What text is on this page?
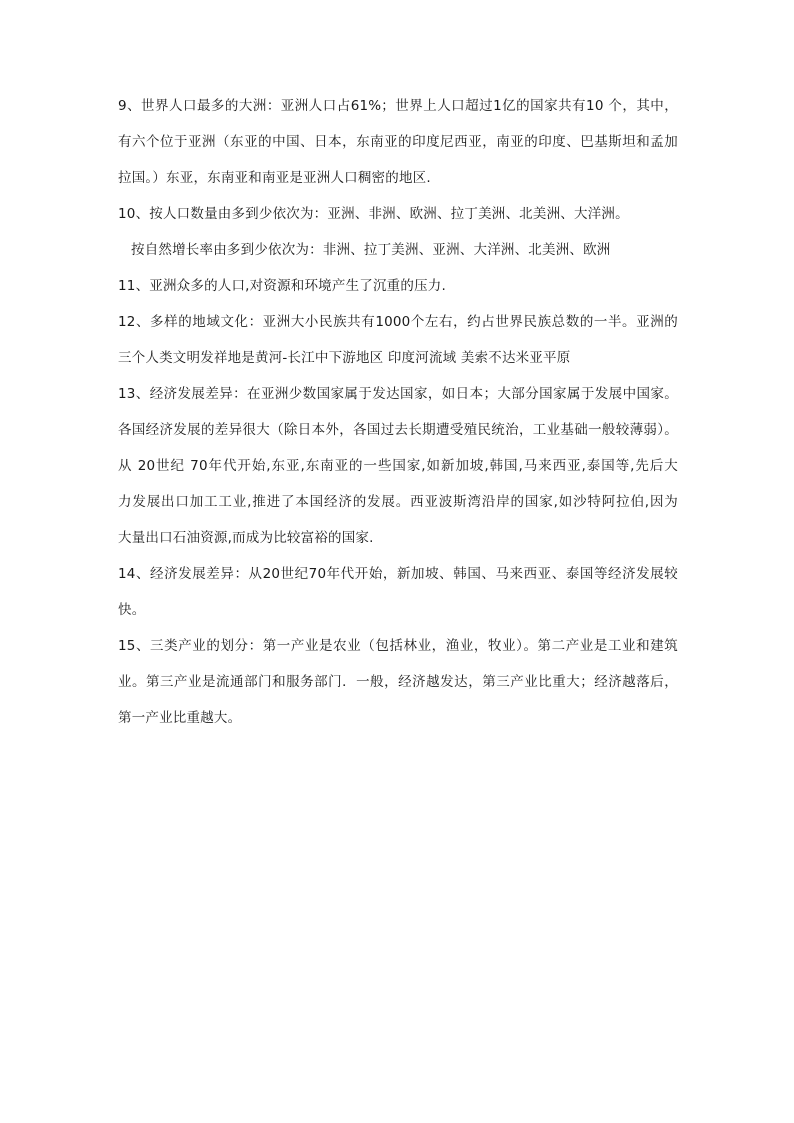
9、世界人口最多的大洲：亚洲人口占61%；世界上人口超过1亿的国家共有10 个，其中，
有六个位于亚洲（东亚的中国、日本，东南亚的印度尼西亚，南亚的印度、巴基斯坦和孟加
拉国。）东亚，东南亚和南亚是亚洲人口稠密的地区.
10、按人口数量由多到少依次为：亚洲、非洲、欧洲、拉丁美洲、北美洲、大洋洲。
按自然增长率由多到少依次为：非洲、拉丁美洲、亚洲、大洋洲、北美洲、欧洲
11、亚洲众多的人口,对资源和环境产生了沉重的压力.
12、多样的地域文化：亚洲大小民族共有1000个左右，约占世界民族总数的一半。亚洲的
三个人类文明发祥地是黄河-长江中下游地区 印度河流域 美索不达米亚平原
13、经济发展差异：在亚洲少数国家属于发达国家，如日本；大部分国家属于发展中国家。
各国经济发展的差异很大（除日本外，各国过去长期遭受殖民统治，工业基础一般较薄弱）。
从 20世纪 70年代开始,东亚,东南亚的一些国家,如新加坡,韩国,马来西亚,泰国等,先后大
力发展出口加工工业,推进了本国经济的发展。西亚波斯湾沿岸的国家,如沙特阿拉伯,因为
大量出口石油资源,而成为比较富裕的国家.
14、经济发展差异：从20世纪70年代开始，新加坡、韩国、马来西亚、泰国等经济发展较
快。
15、三类产业的划分：第一产业是农业（包括林业，渔业，牧业）。第二产业是工业和建筑
业。第三产业是流通部门和服务部门．一般，经济越发达，第三产业比重大；经济越落后，
第一产业比重越大。
